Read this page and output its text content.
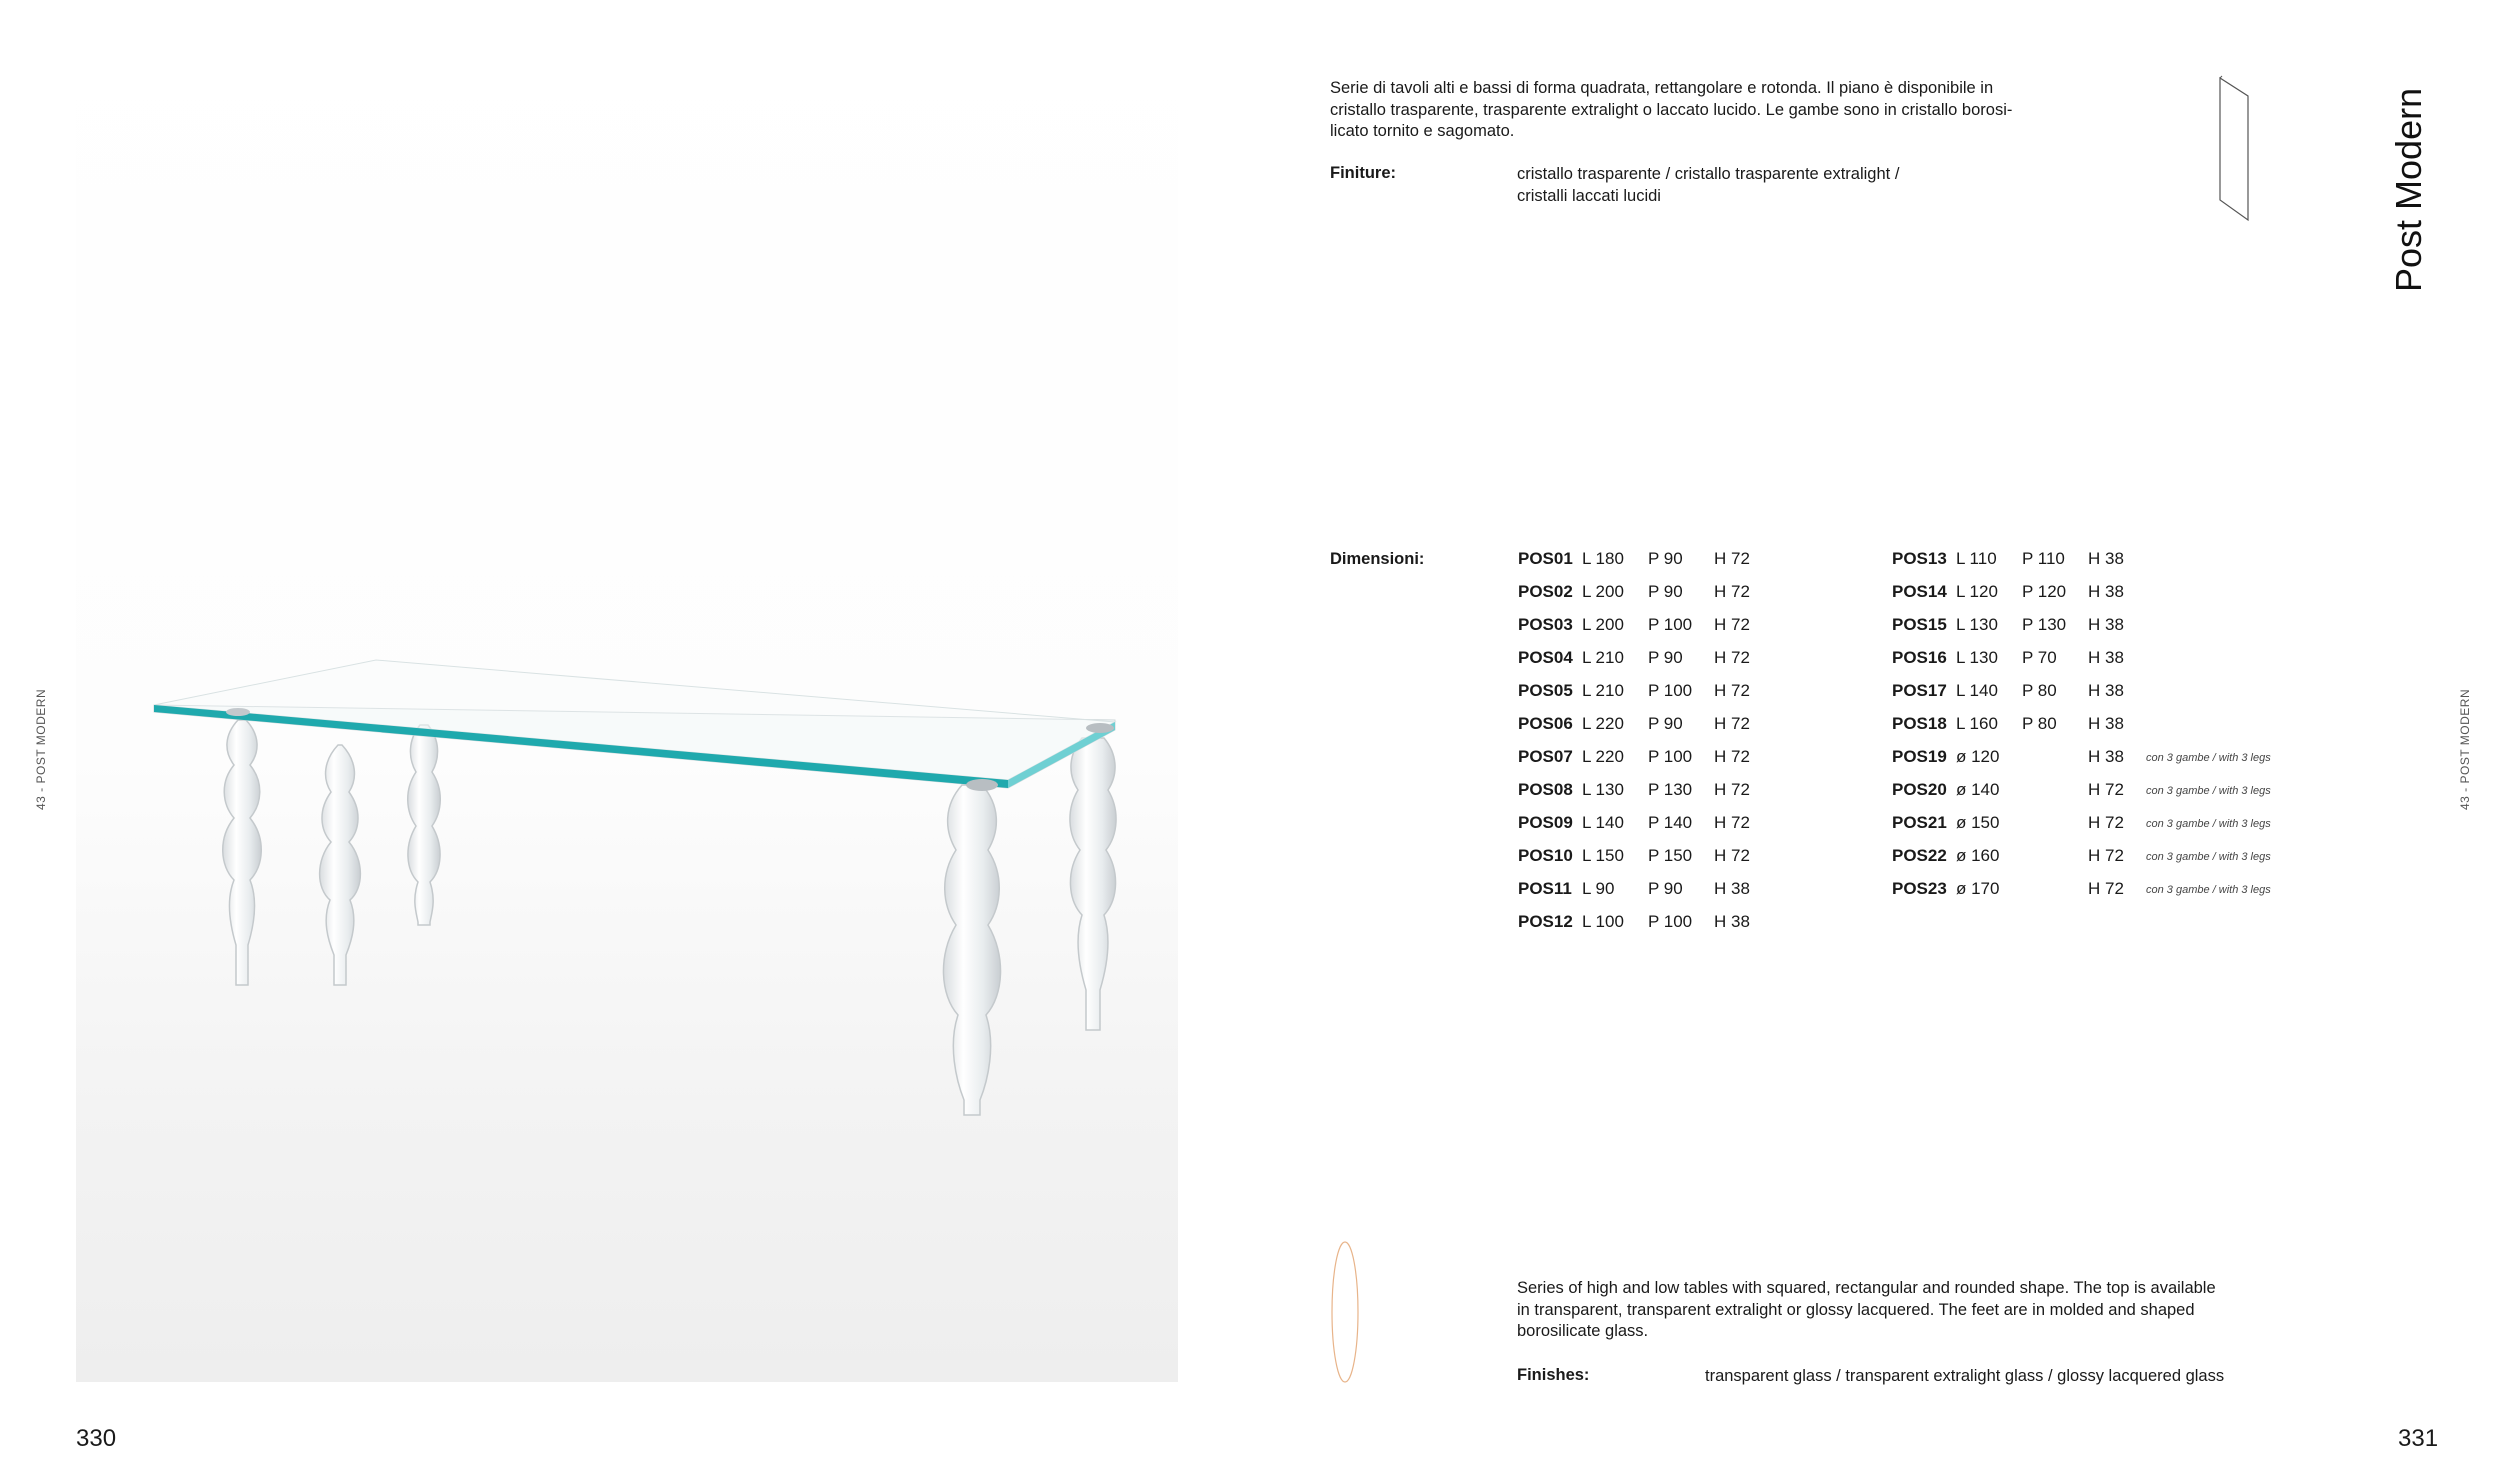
43 - POST MODERN
330
Serie di tavoli alti e bassi di forma quadrata, rettangolare e rotonda. Il piano è disponibile in
cristallo trasparente, trasparente extralight o laccato lucido. Le gambe sono in cristallo borosi-
licato tornito e sagomato.
Finiture:	cristallo trasparente / cristallo trasparente extralight /
cristalli laccati lucidi	Post Modern
43 - POST MODERN
Dimensioni:	POS01 L 180 P 90 H 72
POS02 L 200 P 90 H 72
POS03 L 200 P 100 H 72
POS04 L 210 P 90 H 72
POS05 L 210 P 100 H 72
POS06 L 220 P 90 H 72
POS07 L 220 P 100 H 72
POS08 L 130 P 130 H 72
POS09 L 140 P 140 H 72
POS10 L 150 P 150 H 72
POS11 L 90 P 90 H 38
POS12 L 100 P 100 H 38
POS13 L 110 P 110 H 38
POS14 L 120 P 120 H 38
POS15 L 130 P 130 H 38
POS16 L 130 P 70 H 38
POS17 L 140 P 80 H 38
POS18 L 160 P 80 H 38
POS19 ø 120	H 38 con 3 gambe / with 3 legs
POS20 ø 140	H 72 con 3 gambe / with 3 legs
POS21 ø 150	H 72 con 3 gambe / with 3 legs
POS22 ø 160	H 72 con 3 gambe / with 3 legs
POS23 ø 170	H 72 con 3 gambe / with 3 legs
Series of high and low tables with squared, rectangular and rounded shape. The top is available
in transparent, transparent extralight or glossy lacquered. The feet are in molded and shaped
borosilicate glass.
Finishes:	transparent glass / transparent extralight glass / glossy lacquered glass
331
